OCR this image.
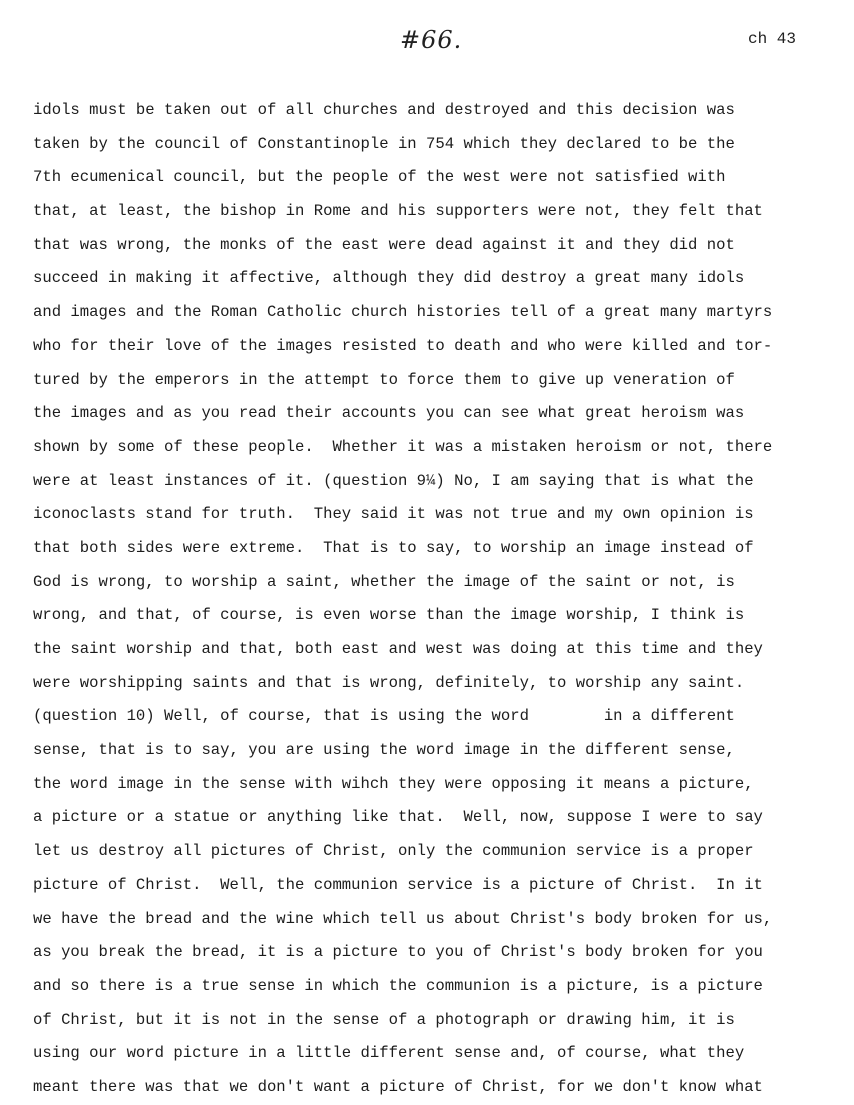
#66.	ch 43
idols must be taken out of all churches and destroyed and this decision was
taken by the council of Constantinople in 754 which they declared to be the
7th ecumenical council, but the people of the west were not satisfied with
that, at least, the bishop in Rome and his supporters were not, they felt that
that was wrong, the monks of the east were dead against it and they did not
succeed in making it affective, although they did destroy a great many idols
and images and the Roman Catholic church histories tell of a great many martyrs
who for their love of the images resisted to death and who were killed and tor-
tured by the emperors in the attempt to force them to give up veneration of
the images and as you read their accounts you can see what great heroism was
shown by some of these people.  Whether it was a mistaken heroism or not, there
were at least instances of it. (question 9¼) No, I am saying that is what the
iconoclasts stand for truth.  They said it was not true and my own opinion is
that both sides were extreme.  That is to say, to worship an image instead of
God is wrong, to worship a saint, whether the image of the saint or not, is
wrong, and that, of course, is even worse than the image worship, I think is
the saint worship and that, both east and west was doing at this time and they
were worshipping saints and that is wrong, definitely, to worship any saint.
(question 10) Well, of course, that is using the word        in a different
sense, that is to say, you are using the word image in the different sense,
the word image in the sense with wihch they were opposing it means a picture,
a picture or a statue or anything like that.  Well, now, suppose I were to say
let us destroy all pictures of Christ, only the communion service is a proper
picture of Christ.  Well, the communion service is a picture of Christ.  In it
we have the bread and the wine which tell us about Christ's body broken for us,
as you break the bread, it is a picture to you of Christ's body broken for you
and so there is a true sense in which the communion is a picture, is a picture
of Christ, but it is not in the sense of a photograph or drawing him, it is
using our word picture in a little different sense and, of course, what they
meant there was that we don't want a picture of Christ, for we don't know what
